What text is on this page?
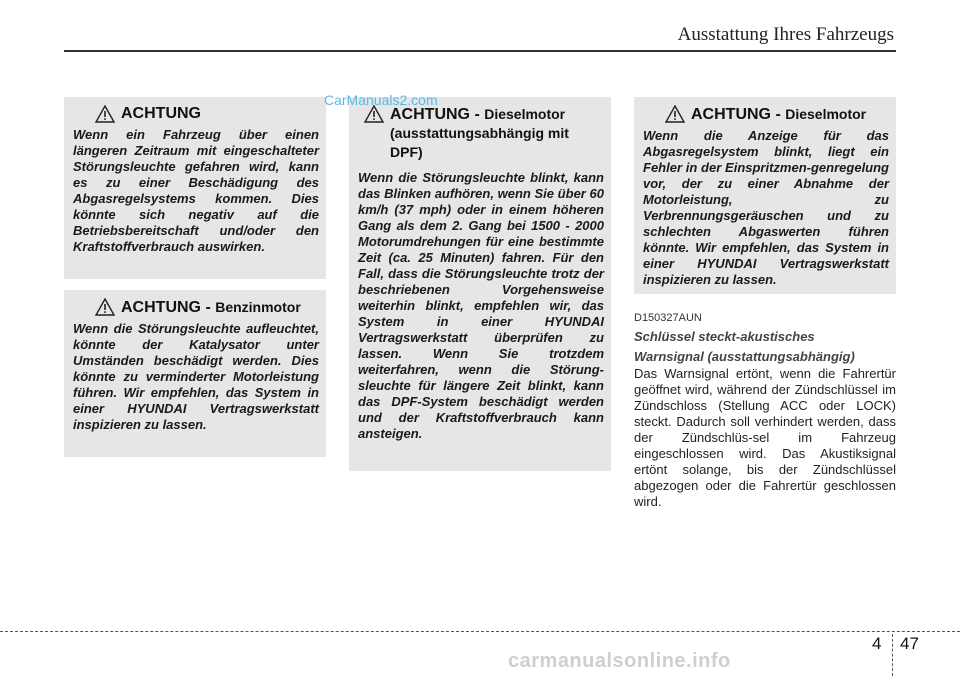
Ausstattung Ihres Fahrzeugs
ACHTUNG
Wenn ein Fahrzeug über einen längeren Zeitraum mit eingeschalteter Störungsleuchte gefahren wird, kann es zu einer Beschädigung des Abgasregelsystems kommen. Dies könnte sich negativ auf die Betriebsbereitschaft und/oder den Kraftstoffverbrauch auswirken.
ACHTUNG - Benzinmotor
Wenn die Störungsleuchte aufleuchtet, könnte der Katalysator unter Umständen beschädigt werden. Dies könnte zu verminderter Motorleistung führen. Wir empfehlen, das System in einer HYUNDAI Vertragswerkstatt inspizieren zu lassen.
ACHTUNG - Dieselmotor (ausstattungsabhängig mit DPF)
Wenn die Störungsleuchte blinkt, kann das Blinken aufhören, wenn Sie über 60 km/h (37 mph) oder in einem höheren Gang als dem 2. Gang bei 1500 - 2000 Motorumdrehungen für eine bestimmte Zeit (ca. 25 Minuten) fahren. Für den Fall, dass die Störungsleuchte trotz der beschriebenen Vorgehensweise weiterhin blinkt, empfehlen wir, das System in einer HYUNDAI Vertragswerkstatt überprüfen zu lassen. Wenn Sie trotzdem weiterfahren, wenn die Störung-sleuchte für längere Zeit blinkt, kann das DPF-System beschädigt werden und der Kraftstoffverbrauch kann ansteigen.
ACHTUNG - Dieselmotor
Wenn die Anzeige für das Abgasregelsystem blinkt, liegt ein Fehler in der Einspritzmen-genregelung vor, der zu einer Abnahme der Motorleistung, zu Verbrennungsgeräuschen und zu schlechten Abgaswerten führen könnte. Wir empfehlen, das System in einer HYUNDAI Vertragswerkstatt inspizieren zu lassen.
CarManuals2.com
D150327AUN
Schlüssel steckt-akustisches
Warnsignal (ausstattungsabhängig)
Das Warnsignal ertönt, wenn die Fahrertür geöffnet wird, während der Zündschlüssel im Zündschloss (Stellung ACC oder LOCK) steckt. Dadurch soll verhindert werden, dass der Zündschlüs-sel im Fahrzeug eingeschlossen wird. Das Akustiksignal ertönt solange, bis der Zündschlüssel abgezogen oder die Fahrertür geschlossen wird.
4 47
carmanualsonline.info
